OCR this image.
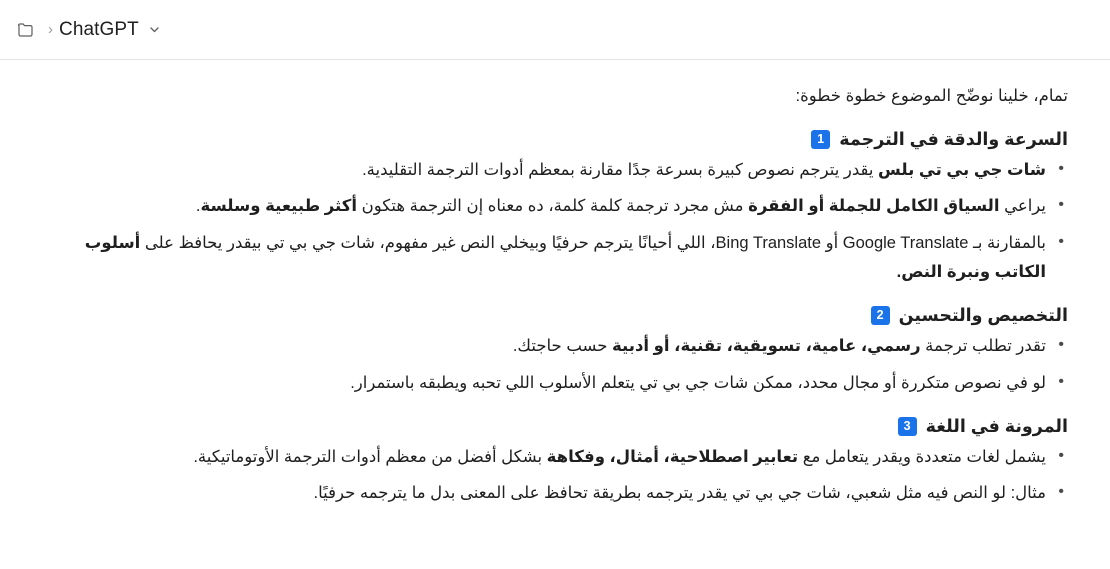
› ChatGPT

تمام، خلينا نوضّح الموضوع خطوة خطوة:

السرعة والدقة في الترجمة
1
• شات جي بي تي بلس يقدر يترجم نصوص كبيرة بسرعة جدًا مقارنة بمعظم أدوات الترجمة التقليدية.
• يراعي السياق الكامل للجملة أو الفقرة مش مجرد ترجمة كلمة كلمة، ده معناه إن الترجمة هتكون أكثر طبيعية وسلسة.
• بالمقارنة بـ Google Translate أو Bing Translate، اللي أحيانًا يترجم حرفيًا وبيخلي النص غير مفهوم، شات جي بي تي بيقدر يحافظ على أسلوب الكاتب ونبرة النص.
التخصيص والتحسين
2
• تقدر تطلب ترجمة رسمي، عامية، تسويقية، تقنية، أو أدبية حسب حاجتك.
• لو في نصوص متكررة أو مجال محدد، ممكن شات جي بي تي يتعلم الأسلوب اللي تحبه ويطبقه باستمرار.
المرونة في اللغة
3
• يشمل لغات متعددة ويقدر يتعامل مع تعابير اصطلاحية، أمثال، وفكاهة بشكل أفضل من معظم أدوات الترجمة الأوتوماتيكية.
• مثال: لو النص فيه مثل شعبي، شات جي بي تي يقدر يترجمه بطريقة تحافظ على المعنى بدل ما يترجمه حرفيًا.
